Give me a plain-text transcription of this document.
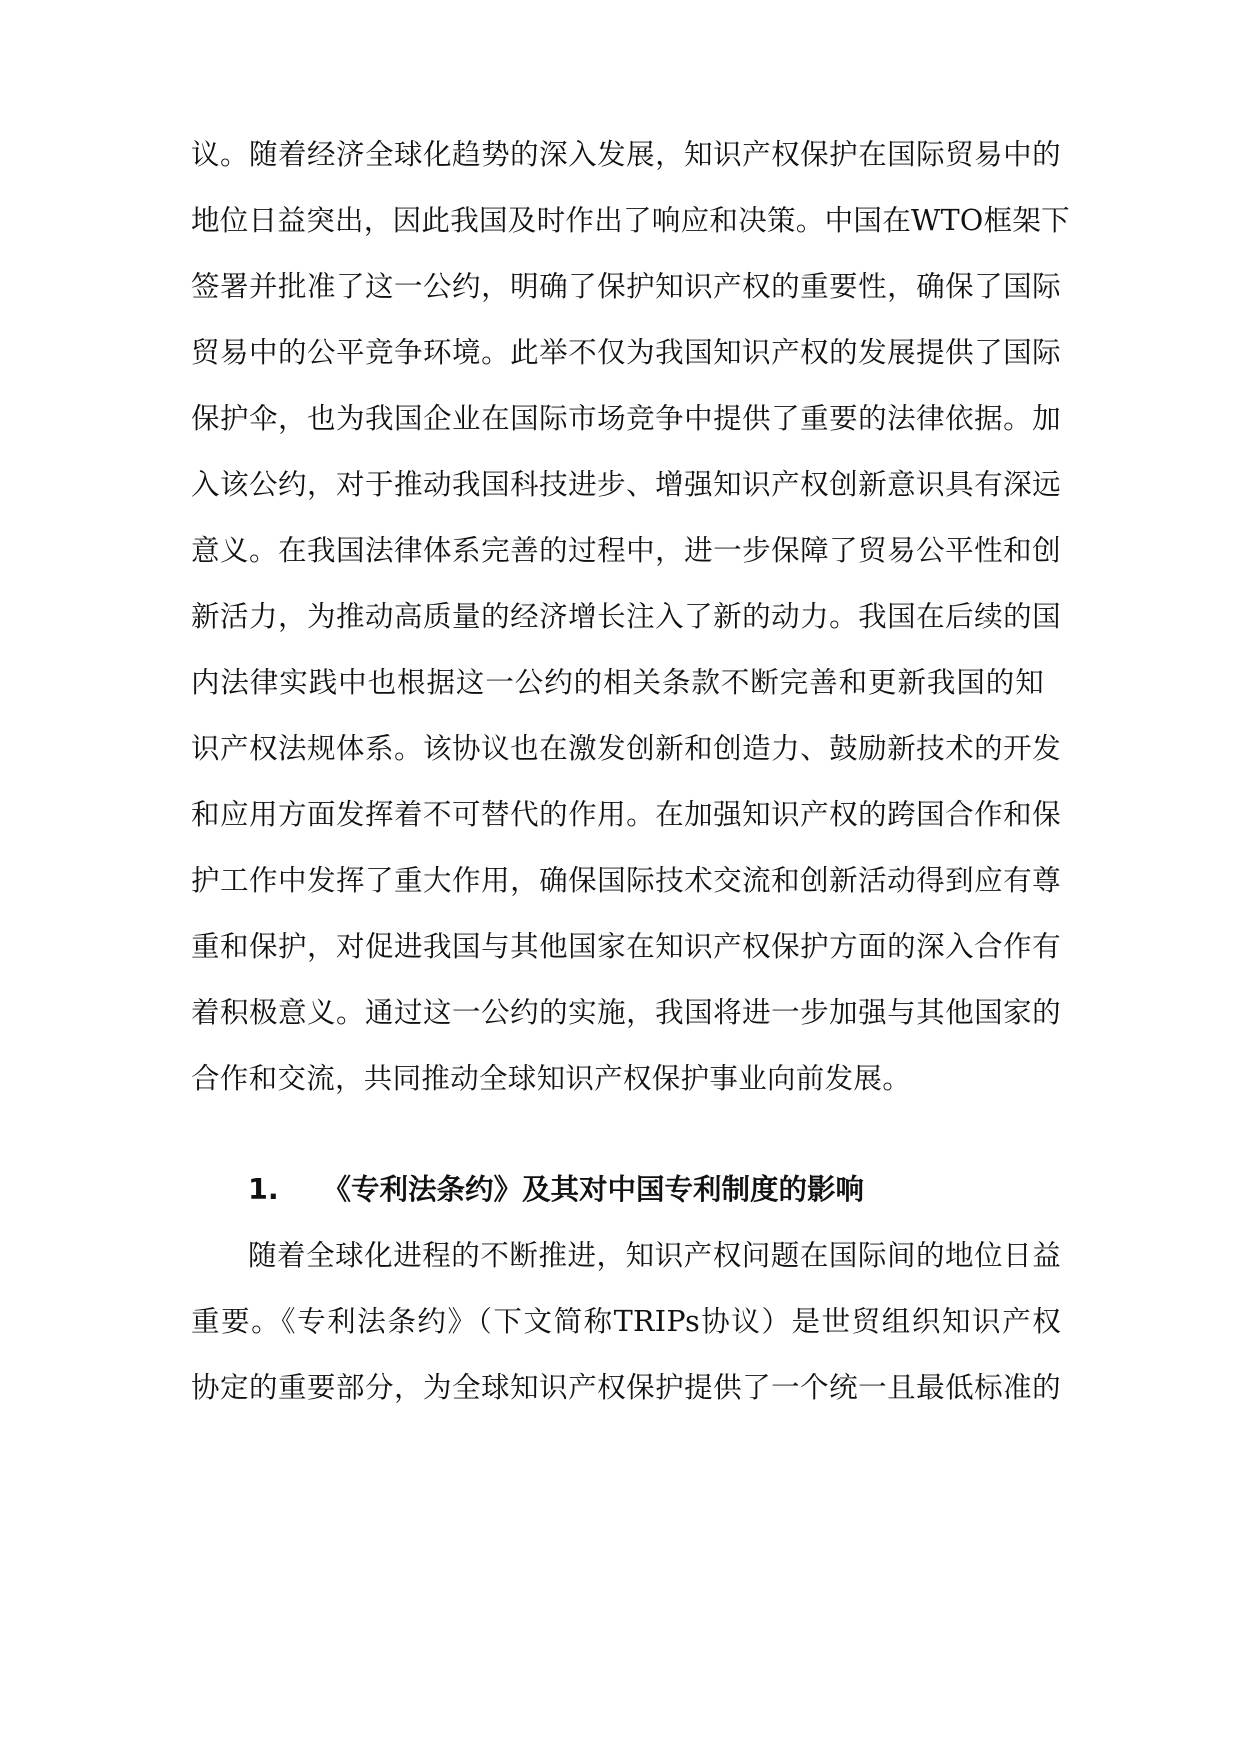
议。随着经济全球化趋势的深入发展，知识产权保护在国际贸易中的
地位日益突出，因此我国及时作出了响应和决策。中国在WTO框架下
签署并批准了这一公约，明确了保护知识产权的重要性，确保了国际
贸易中的公平竞争环境。此举不仅为我国知识产权的发展提供了国际
保护伞，也为我国企业在国际市场竞争中提供了重要的法律依据。加
入该公约，对于推动我国科技进步、增强知识产权创新意识具有深远
意义。在我国法律体系完善的过程中，进一步保障了贸易公平性和创
新活力，为推动高质量的经济增长注入了新的动力。我国在后续的国
内法律实践中也根据这一公约的相关条款不断完善和更新我国的知
识产权法规体系。该协议也在激发创新和创造力、鼓励新技术的开发
和应用方面发挥着不可替代的作用。在加强知识产权的跨国合作和保
护工作中发挥了重大作用，确保国际技术交流和创新活动得到应有尊
重和保护，对促进我国与其他国家在知识产权保护方面的深入合作有
着积极意义。通过这一公约的实施，我国将进一步加强与其他国家的
合作和交流，共同推动全球知识产权保护事业向前发展。
1. 《专利法条约》及其对中国专利制度的影响
随着全球化进程的不断推进，知识产权问题在国际间的地位日益
重要。《专利法条约》（下文简称TRIPs协议）是世贸组织知识产权
协定的重要部分，为全球知识产权保护提供了一个统一且最低标准的
